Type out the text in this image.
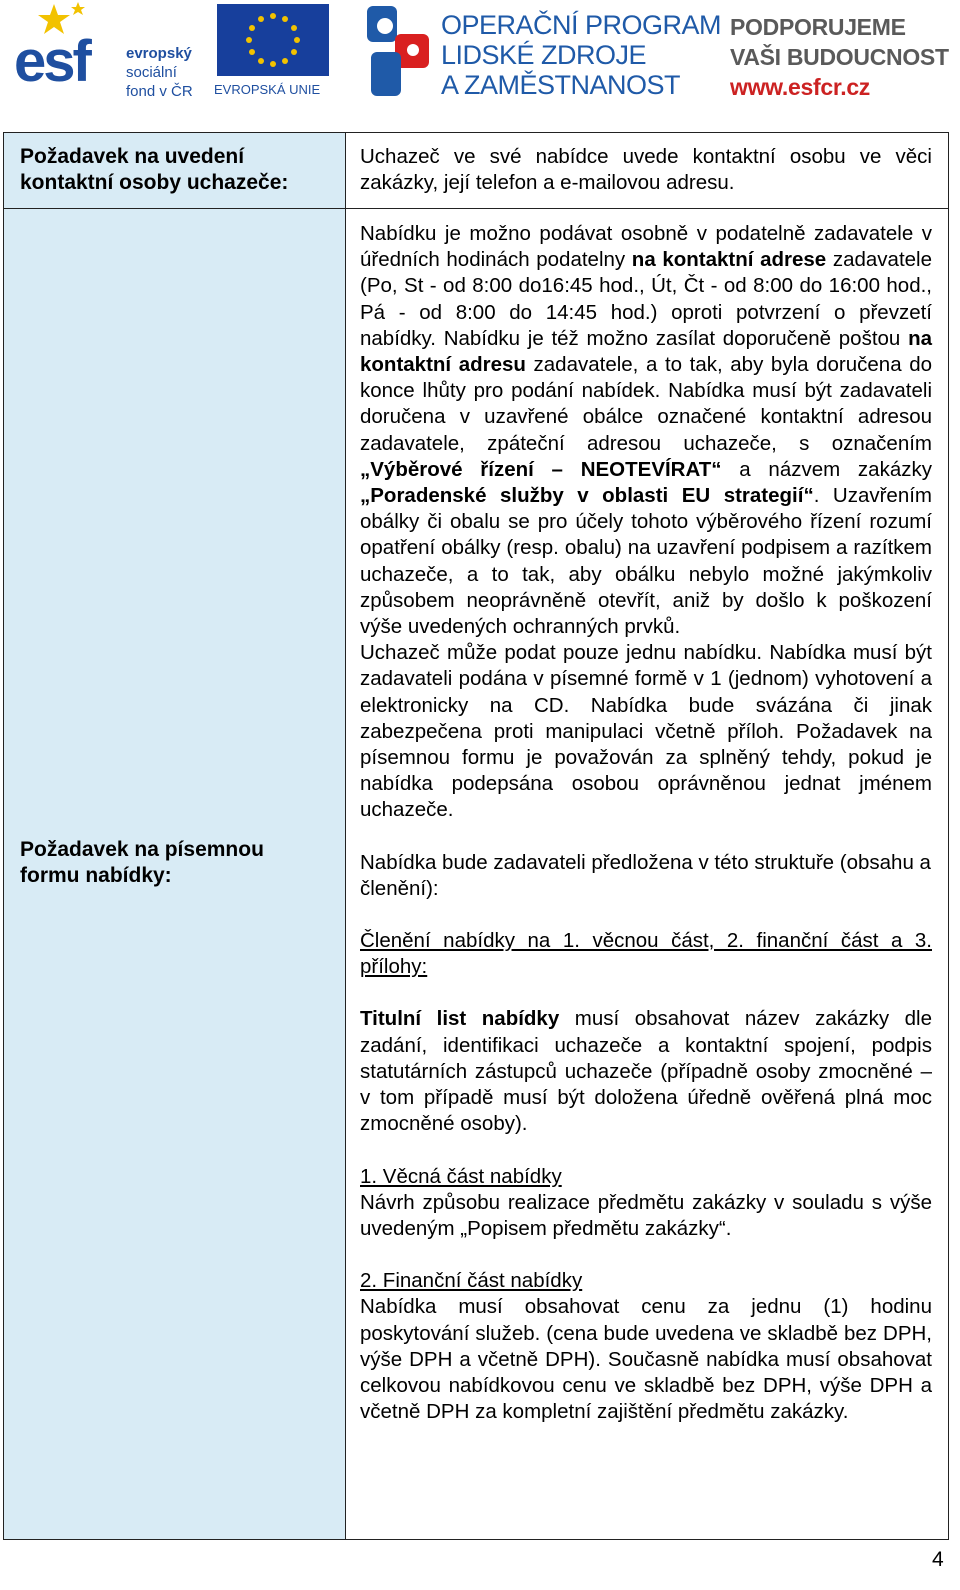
esf evropský
sociální
fond v ČR EVROPSKÁ UNIE
OPERAČNÍ PROGRAM
LIDSKÉ ZDROJE
A ZAMĚSTNANOST
PODPORUJEME
VAŠI BUDOUCNOST
www.esfcr.cz
Požadavek na uvedení kontaktní osoby uchazeče:
Požadavek na písemnou formu nabídky:
Uchazeč ve své nabídce uvede kontaktní osobu ve věci zakázky, její telefon a e-mailovou adresu.

Nabídku je možno podávat osobně v podatelně zadavatele v úředních hodinách podatelny na kontaktní adrese zadavatele (Po, St - od 8:00 do16:45 hod., Út, Čt - od 8:00 do 16:00 hod., Pá - od 8:00 do 14:45 hod.) oproti potvrzení o převzetí nabídky. Nabídku je též možno zasílat doporučeně poštou na kontaktní adresu zadavatele, a to tak, aby byla doručena do konce lhůty pro podání nabídek. Nabídka musí být zadavateli doručena v uzavřené obálce označené kontaktní adresou zadavatele, zpáteční adresou uchazeče, s označením „Výběrové řízení – NEOTEVÍRAT“ a názvem zakázky „Poradenské služby v oblasti EU strategií“. Uzavřením obálky či obalu se pro účely tohoto výběrového řízení rozumí opatření obálky (resp. obalu) na uzavření podpisem a razítkem uchazeče, a to tak, aby obálku nebylo možné jakýmkoliv způsobem neoprávněně otevřít, aniž by došlo k poškození výše uvedených ochranných prvků.

Uchazeč může podat pouze jednu nabídku. Nabídka musí být zadavateli podána v písemné formě v 1 (jednom) vyhotovení a elektronicky na CD. Nabídka bude svázána či jinak zabezpečena proti manipulaci včetně příloh. Požadavek na písemnou formu je považován za splněný tehdy, pokud je nabídka podepsána osobou oprávněnou jednat jménem uchazeče.

Nabídka bude zadavateli předložena v této struktuře (obsahu a členění):

Členění nabídky na 1. věcnou část, 2. finanční část a 3. přílohy:

Titulní list nabídky musí obsahovat název zakázky dle zadání, identifikaci uchazeče a kontaktní spojení, podpis statutárních zástupců uchazeče (případně osoby zmocněné – v tom případě musí být doložena úředně ověřená plná moc zmocněné osoby).

1. Věcná část nabídky

Návrh způsobu realizace předmětu zakázky v souladu s výše uvedeným „Popisem předmětu zakázky“.

2. Finanční část nabídky

Nabídka musí obsahovat cenu za jednu (1) hodinu poskytování služeb. (cena bude uvedena ve skladbě bez DPH, výše DPH a včetně DPH). Současně nabídka musí obsahovat celkovou nabídkovou cenu ve skladbě bez DPH, výše DPH a včetně DPH za kompletní zajištění předmětu zakázky.

4
